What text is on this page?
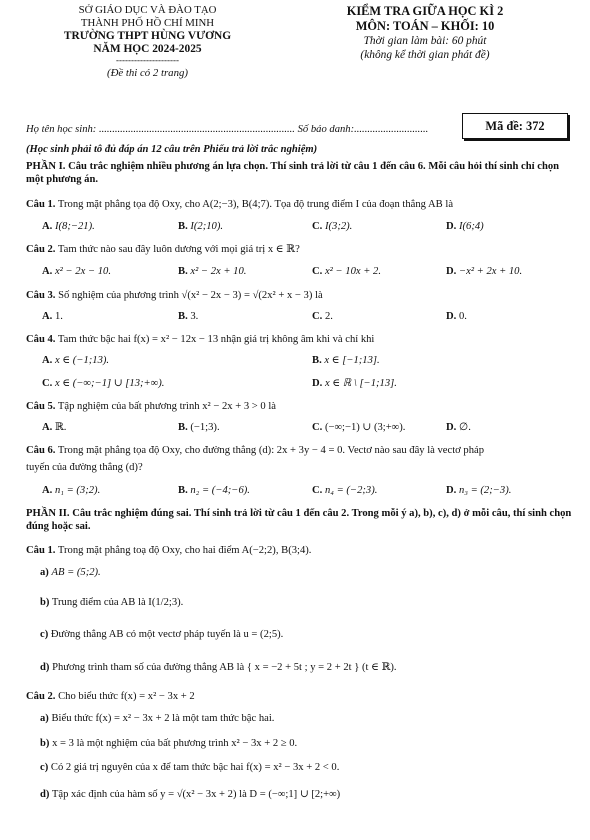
SỞ GIÁO DỤC VÀ ĐÀO TẠO
THÀNH PHỐ HỒ CHÍ MINH
TRƯỜNG THPT HÙNG VƯƠNG
NĂM HỌC 2024-2025
---------------------
(Đề thi có 2 trang)
KIỂM TRA GIỮA HỌC KÌ 2
MÔN: TOÁN – KHỐI: 10
Thời gian làm bài: 60 phút
(không kể thời gian phát đề)
Họ tên học sinh: .......................................................................... Số báo danh:............................	Mã đề: 372
(Học sinh phải tô đủ đáp án 12 câu trên Phiếu trả lời trắc nghiệm)
PHẦN I. Câu trắc nghiệm nhiều phương án lựa chọn. Thí sinh trả lời từ câu 1 đến câu 6. Mỗi câu hỏi thí sinh chỉ chọn một phương án.
Câu 1. Trong mặt phẳng tọa độ Oxy, cho A(2;−3), B(4;7). Tọa độ trung điểm I của đoạn thẳng AB là
A. I(8;−21).	B. I(2;10).	C. I(3;2).	D. I(6;4)
Câu 2. Tam thức nào sau đây luôn dương với mọi giá trị x ∈ ℝ?
A. x² − 2x − 10.	B. x² − 2x + 10.	C. x² − 10x + 2.	D. −x² + 2x + 10.
Câu 3. Số nghiệm của phương trình √(x² − 2x − 3) = √(2x² + x − 3) là
A. 1.	B. 3.	C. 2.	D. 0.
Câu 4. Tam thức bậc hai f(x) = x² − 12x − 13 nhận giá trị không âm khi và chỉ khi
A. x ∈ (−1;13).	B. x ∈ [−1;13].
C. x ∈ (−∞;−1] ∪ [13;+∞).	D. x ∈ ℝ \ [−1;13].
Câu 5. Tập nghiệm của bất phương trình x² − 2x + 3 > 0 là
A. ℝ.	B. (−1;3).	C. (−∞;−1) ∪ (3;+∞).	D. ∅.
Câu 6. Trong mặt phẳng tọa độ Oxy, cho đường thẳng (d): 2x + 3y − 4 = 0. Vectơ nào sau đây là vectơ pháp
tuyến của đường thẳng (d)?
A. n₁ = (3;2).	B. n₂ = (−4;−6).	C. n₄ = (−2;3).	D. n₃ = (2;−3).
PHẦN II. Câu trắc nghiệm đúng sai. Thí sinh trả lời từ câu 1 đến câu 2. Trong mỗi ý a), b), c), d) ở mỗi câu, thí sinh chọn đúng hoặc sai.
Câu 1. Trong mặt phẳng toạ độ Oxy, cho hai điểm A(−2;2), B(3;4).
a) AB = (5;2).
b) Trung điểm của AB là I(1/2;3).
c) Đường thẳng AB có một vectơ pháp tuyến là u = (2;5).
d) Phương trình tham số của đường thẳng AB là { x = −2 + 5t ; y = 2 + 2t } (t ∈ ℝ).
Câu 2. Cho biểu thức f(x) = x² − 3x + 2
a) Biểu thức f(x) = x² − 3x + 2 là một tam thức bậc hai.
b) x = 3 là một nghiệm của bất phương trình x² − 3x + 2 ≥ 0.
c) Có 2 giá trị nguyên của x để tam thức bậc hai f(x) = x² − 3x + 2 < 0.
d) Tập xác định của hàm số y = √(x² − 3x + 2) là D = (−∞;1] ∪ [2;+∞)
